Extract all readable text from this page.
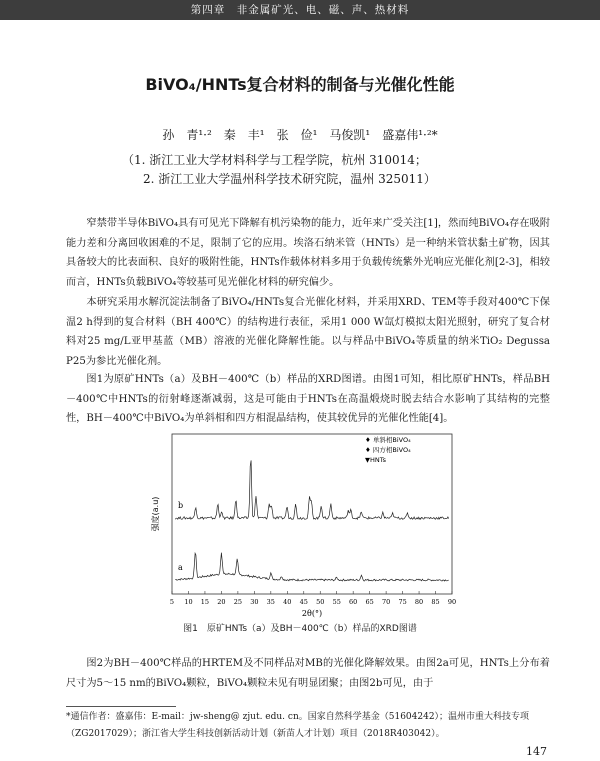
第四章　非金属矿光、电、磁、声、热材料
BiVO₄/HNTs复合材料的制备与光催化性能
孙　青¹·²　秦　丰¹　张　俭¹　马俊凯¹　盛嘉伟¹·²*
（1. 浙江工业大学材料科学与工程学院，杭州 310014；
2. 浙江工业大学温州科学技术研究院，温州 325011）

窄禁带半导体BiVO₄具有可见光下降解有机污染物的能力，近年来广受关注[1]，然而纯BiVO₄存在吸附能力差和分离回收困难的不足，限制了它的应用。埃洛石纳米管（HNTs）是一种纳米管状黏土矿物，因其具备较大的比表面积、良好的吸附性能，HNTs作载体材料多用于负载传统紫外光响应光催化剂[2-3]，相较而言，HNTs负载BiVO₄等较基可见光催化材料的研究偏少。

本研究采用水解沉淀法制备了BiVO₄/HNTs复合光催化材料，并采用XRD、TEM等手段对400℃下保温2 h得到的复合材料（BH 400℃）的结构进行表征，采用1 000 W氙灯模拟太阳光照射，研究了复合材料对25 mg/L亚甲基蓝（MB）溶液的光催化降解性能。以与样品中BiVO₄等质量的纳米TiO₂ Degussa P25为参比光催化剂。

图1为原矿HNTs（a）及BH－400℃（b）样品的XRD图谱。由图1可知，相比原矿HNTs，样品BH－400℃中HNTs的衍射峰逐渐减弱，这是可能由于HNTs在高温煅烧时脱去结合水影响了其结构的完整性，BH－400℃中BiVO₄为单斜相和四方相混晶结构，使其较优异的光催化性能[4]。

5 10 15 20 25 30 35 40 45 50 55 60 65 70 75 80 85 90
强度(a.u)
2θ(°)
♦ 单斜相BiVO₄
♦ 四方相BiVO₄
▼HNTs
b
a
图1　原矿HNTs（a）及BH－400℃（b）样品的XRD图谱

图2为BH－400℃样品的HRTEM及不同样品对MB的光催化降解效果。由图2a可见，HNTs上分布着尺寸为5～15 nm的BiVO₄颗粒，BiVO₄颗粒未见有明显团聚；由图2b可见，由于

*通信作者：盛嘉伟：E-mail：jw-sheng@ zjut. edu. cn。国家自然科学基金（51604242）；温州市重大科技专项

（ZG2017029）；浙江省大学生科技创新活动计划（新苗人才计划）项目（2018R403042）。

147
